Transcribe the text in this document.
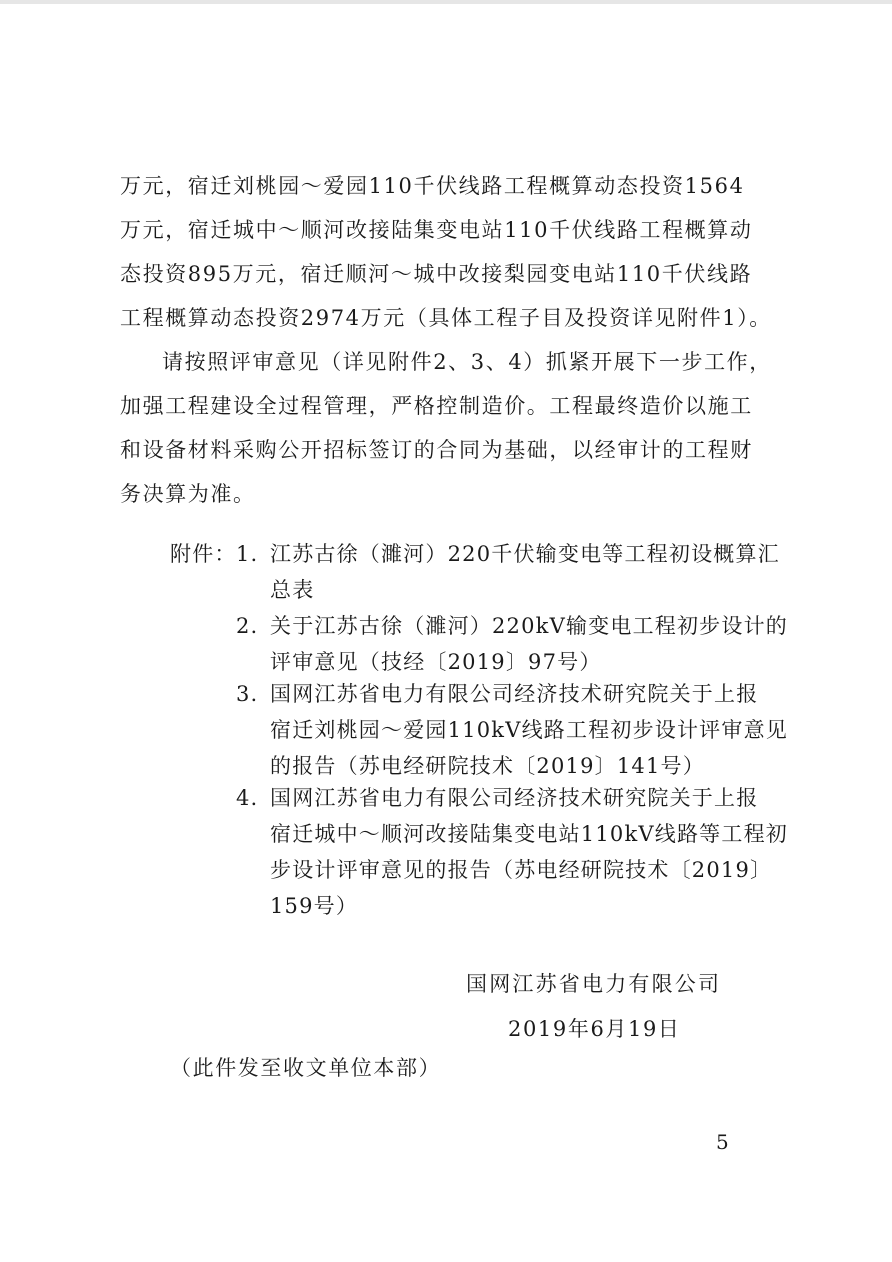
万元，宿迁刘桃园～爱园110千伏线路工程概算动态投资1564
万元，宿迁城中～顺河改接陆集变电站110千伏线路工程概算动
态投资895万元，宿迁顺河～城中改接梨园变电站110千伏线路
工程概算动态投资2974万元（具体工程子目及投资详见附件1）。
请按照评审意见（详见附件2、3、4）抓紧开展下一步工作，
加强工程建设全过程管理，严格控制造价。工程最终造价以施工
和设备材料采购公开招标签订的合同为基础，以经审计的工程财
务决算为准。
附件： 1. 江苏古徐（濉河）220千伏输变电等工程初设概算汇
总表
2. 关于江苏古徐（濉河）220kV输变电工程初步设计的
评审意见（技经〔2019〕97号）
3. 国网江苏省电力有限公司经济技术研究院关于上报
宿迁刘桃园～爱园110kV线路工程初步设计评审意见
的报告（苏电经研院技术〔2019〕141号）
4. 国网江苏省电力有限公司经济技术研究院关于上报
宿迁城中～顺河改接陆集变电站110kV线路等工程初
步设计评审意见的报告（苏电经研院技术〔2019〕
159号）
国网江苏省电力有限公司
2019年6月19日
（此件发至收文单位本部）
5
